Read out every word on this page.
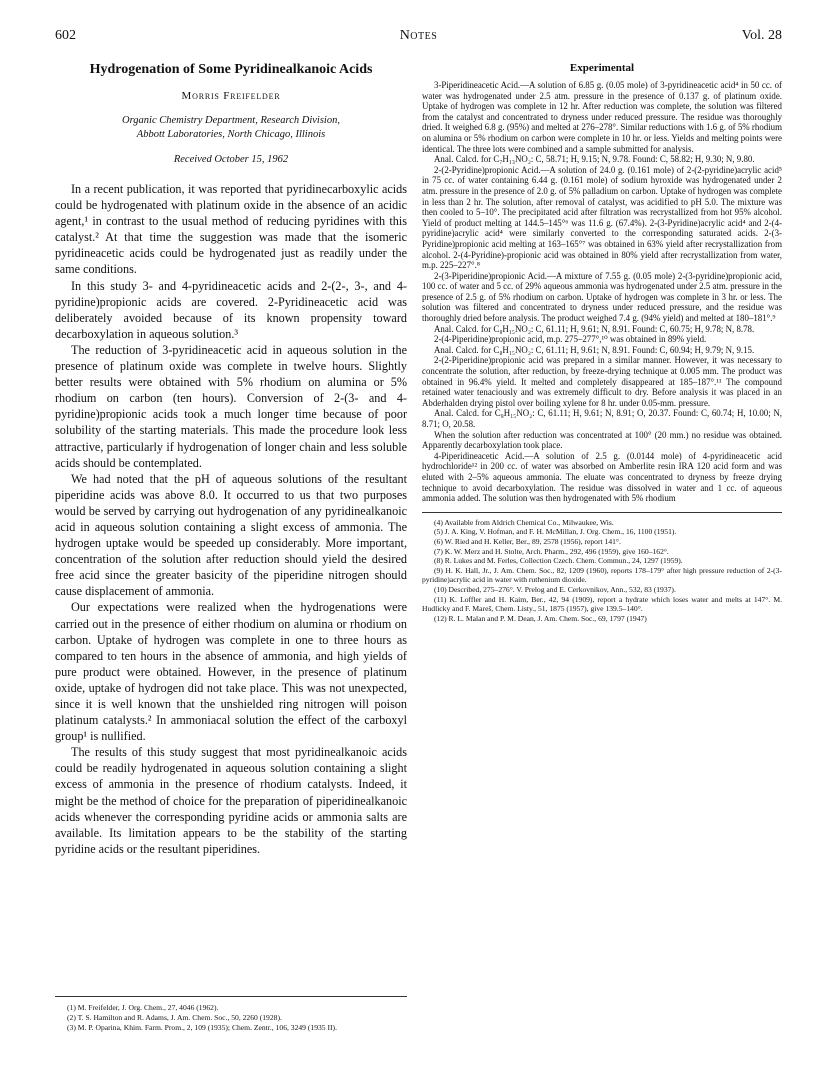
602	Notes	Vol. 28
Hydrogenation of Some Pyridinealkanoic Acids
Morris Freifelder
Organic Chemistry Department, Research Division,
Abbott Laboratories, North Chicago, Illinois
Received October 15, 1962

In a recent publication, it was reported that pyridinecarboxylic acids could be hydrogenated with platinum oxide in the absence of an acidic agent,¹ in contrast to the usual method of reducing pyridines with this catalyst.² At that time the suggestion was made that the isomeric pyridineacetic acids could be hydrogenated just as readily under the same conditions.

In this study 3- and 4-pyridineacetic acids and 2-(2-, 3-, and 4-pyridine)propionic acids are covered. 2-Pyridineacetic acid was deliberately avoided because of its known propensity toward decarboxylation in aqueous solution.³

The reduction of 3-pyridineacetic acid in aqueous solution in the presence of platinum oxide was complete in twelve hours. Slightly better results were obtained with 5% rhodium on alumina or 5% rhodium on carbon (ten hours). Conversion of 2-(3- and 4-pyridine)propionic acids took a much longer time because of poor solubility of the starting materials. This made the procedure look less attractive, particularly if hydrogenation of longer chain and less soluble acids should be contemplated.

We had noted that the pH of aqueous solutions of the resultant piperidine acids was above 8.0. It occurred to us that two purposes would be served by carrying out hydrogenation of any pyridinealkanoic acid in aqueous solution containing a slight excess of ammonia. The hydrogen uptake would be speeded up considerably. More important, concentration of the solution after reduction should yield the desired free acid since the greater basicity of the piperidine nitrogen should cause displacement of ammonia.

Our expectations were realized when the hydrogenations were carried out in the presence of either rhodium on alumina or rhodium on carbon. Uptake of hydrogen was complete in one to three hours as compared to ten hours in the absence of ammonia, and high yields of pure product were obtained. However, in the presence of platinum oxide, uptake of hydrogen did not take place. This was not unexpected, since it is well known that the unshielded ring nitrogen will poison platinum catalysts.² In ammoniacal solution the effect of the carboxyl group¹ is nullified.

The results of this study suggest that most pyridinealkanoic acids could be readily hydrogenated in aqueous solution containing a slight excess of ammonia in the presence of rhodium catalysts. Indeed, it might be the method of choice for the preparation of piperidinealkanoic acids whenever the corresponding pyridine acids or ammonia salts are available. Its limitation appears to be the stability of the starting pyridine acids or the resultant piperidines.

(1) M. Freifelder, J. Org. Chem., 27, 4046 (1962).

(2) T. S. Hamilton and R. Adams, J. Am. Chem. Soc., 50, 2260 (1928).

(3) M. P. Oparina, Khim. Farm. Prom., 2, 109 (1935); Chem. Zentr., 106, 3249 (1935 II).

Experimental

3-Piperidineacetic Acid.—A solution of 6.85 g. (0.05 mole) of 3-pyridineacetic acid⁴ in 50 cc. of water was hydrogenated under 2.5 atm. pressure in the presence of 0.137 g. of platinum oxide. Uptake of hydrogen was complete in 12 hr. After reduction was complete, the solution was filtered from the catalyst and concentrated to dryness under reduced pressure. The residue was thoroughly dried. It weighed 6.8 g. (95%) and melted at 276–278°. Similar reductions with 1.6 g. of 5% rhodium on alumina or 5% rhodium on carbon were complete in 10 hr. or less. Yields and melting points were identical. The three lots were combined and a sample submitted for analysis.

Anal. Calcd. for C₇H₁₃NO₂: C, 58.71; H, 9.15; N, 9.78. Found: C, 58.82; H, 9.30; N, 9.80.

2-(2-Pyridine)propionic Acid.—A solution of 24.0 g. (0.161 mole) of 2-(2-pyridine)acrylic acid⁵ in 75 cc. of water containing 6.44 g. (0.161 mole) of sodium hyroxide was hydrogenated under 2 atm. pressure in the presence of 2.0 g. of 5% palladium on carbon. Uptake of hydrogen was complete in less than 2 hr. The solution, after removal of catalyst, was acidified to pH 5.0. The mixture was then cooled to 5–10°. The precipitated acid after filtration was recrystallized from hot 95% alcohol. Yield of product melting at 144.5–145°⁶ was 11.6 g. (67.4%). 2-(3-Pyridine)acrylic acid⁴ and 2-(4-pyridine)acrylic acid⁴ were similarly converted to the corresponding saturated acids. 2-(3-Pyridine)propionic acid melting at 163–165°⁷ was obtained in 63% yield after recrystallization from alcohol. 2-(4-Pyridine)-propionic acid was obtained in 80% yield after recrystallization from water, m.p. 225–227°.⁸

2-(3-Piperidine)propionic Acid.—A mixture of 7.55 g. (0.05 mole) 2-(3-pyridine)propionic acid, 100 cc. of water and 5 cc. of 29% aqueous ammonia was hydrogenated under 2.5 atm. pressure in the presence of 2.5 g. of 5% rhodium on carbon. Uptake of hydrogen was complete in 3 hr. or less. The solution was filtered and concentrated to dryness under reduced pressure, and the residue was thoroughly dried before analysis. The product weighed 7.4 g. (94% yield) and melted at 180–181°.⁹

Anal. Calcd. for C₈H₁₅NO₂: C, 61.11; H, 9.61; N, 8.91. Found: C, 60.75; H, 9.78; N, 8.78.

2-(4-Piperidine)propionic acid, m.p. 275–277°,¹⁰ was obtained in 89% yield.

Anal. Calcd. for C₈H₁₅NO₂: C, 61.11; H, 9.61; N, 8.91. Found: C, 60.94; H, 9.79; N, 9.15.

2-(2-Piperidine)propionic acid was prepared in a similar manner. However, it was necessary to concentrate the solution, after reduction, by freeze-drying technique at 0.005 mm. The product was obtained in 96.4% yield. It melted and completely disappeared at 185–187°.¹¹ The compound retained water tenaciously and was extremely difficult to dry. Before analysis it was placed in an Abderhalden drying pistol over boiling xylene for 8 hr. under 0.05-mm. pressure.

Anal. Calcd. for C₈H₁₅NO₂: C, 61.11; H, 9.61; N, 8.91; O, 20.37. Found: C, 60.74; H, 10.00; N, 8.71; O, 20.58.

When the solution after reduction was concentrated at 100° (20 mm.) no residue was obtained. Apparently decarboxylation took place.

4-Piperidineacetic Acid.—A solution of 2.5 g. (0.0144 mole) of 4-pyridineacetic acid hydrochloride¹² in 200 cc. of water was absorbed on Amberlite resin IRA 120 acid form and was eluted with 2–5% aqueous ammonia. The eluate was concentrated to dryness by freeze drying technique to avoid decarboxylation. The residue was dissolved in water and 1 cc. of aqueous ammonia added. The solution was then hydrogenated with 5% rhodium

(4) Available from Aldrich Chemical Co., Milwaukee, Wis.

(5) J. A. King, V. Hofman, and F. H. McMillan, J. Org. Chem., 16, 1100 (1951).

(6) W. Ried and H. Keller, Ber., 89, 2578 (1956), report 141°.

(7) K. W. Merz and H. Stolte, Arch. Pharm., 292, 496 (1959), give 160–162°.

(8) R. Lukes and M. Ferles, Collection Czech. Chem. Commun., 24, 1297 (1959).

(9) H. K. Hall, Jr., J. Am. Chem. Soc., 82, 1209 (1960), reports 178–179° after high pressure reduction of 2-(3-pyridine)acrylic acid in water with ruthenium dioxide.

(10) Described, 275–276°. V. Prelog and E. Cerkovnikov, Ann., 532, 83 (1937).

(11) K. Loffler and H. Kaim, Ber., 42, 94 (1909), report a hydrate which loses water and melts at 147°. M. Hudlicky and F. Mareš, Chem. Listy., 51, 1875 (1957), give 139.5–140°.

(12) R. L. Malan and P. M. Dean, J. Am. Chem. Soc., 69, 1797 (1947)
